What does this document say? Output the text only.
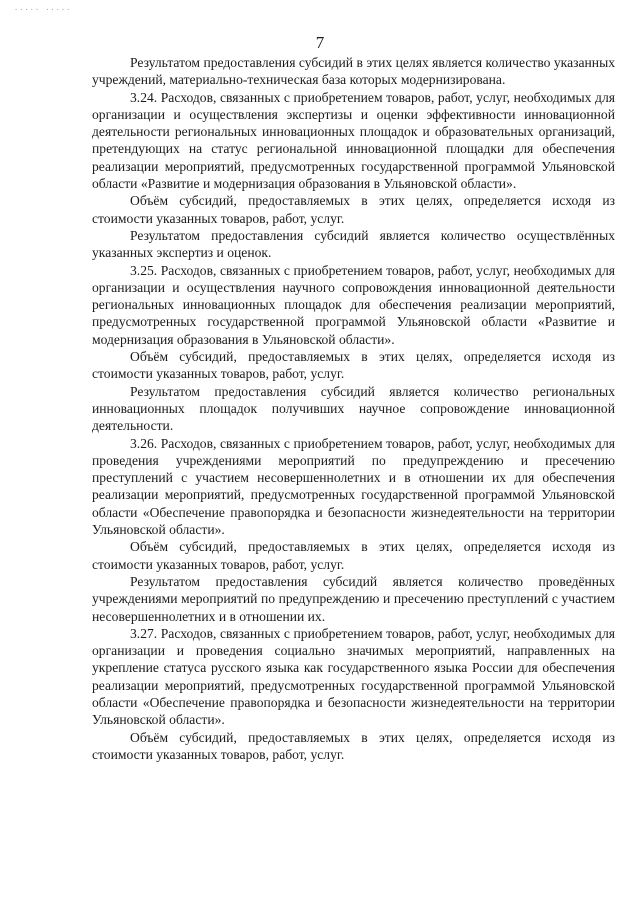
····· ·····
7

Результатом предоставления субсидий в этих целях является количество указанных учреждений, материально-техническая база которых модернизирована.

3.24. Расходов, связанных с приобретением товаров, работ, услуг, необходимых для организации и осуществления экспертизы и оценки эффективности инновационной деятельности региональных инновационных площадок и образовательных организаций, претендующих на статус региональной инновационной площадки для обеспечения реализации мероприятий, предусмотренных государственной программой Ульяновской области «Развитие и модернизация образования в Ульяновской области».

Объём субсидий, предоставляемых в этих целях, определяется исходя из стоимости указанных товаров, работ, услуг.

Результатом предоставления субсидий является количество осуществлённых указанных экспертиз и оценок.

3.25. Расходов, связанных с приобретением товаров, работ, услуг, необходимых для организации и осуществления научного сопровождения инновационной деятельности региональных инновационных площадок для обеспечения реализации мероприятий, предусмотренных государственной программой Ульяновской области «Развитие и модернизация образования в Ульяновской области».

Объём субсидий, предоставляемых в этих целях, определяется исходя из стоимости указанных товаров, работ, услуг.

Результатом предоставления субсидий является количество региональных инновационных площадок получивших научное сопровождение инновационной деятельности.

3.26. Расходов, связанных с приобретением товаров, работ, услуг, необходимых для проведения учреждениями мероприятий по предупреждению и пресечению преступлений с участием несовершеннолетних и в отношении их для обеспечения реализации мероприятий, предусмотренных государственной программой Ульяновской области «Обеспечение правопорядка и безопасности жизнедеятельности на территории Ульяновской области».

Объём субсидий, предоставляемых в этих целях, определяется исходя из стоимости указанных товаров, работ, услуг.

Результатом предоставления субсидий является количество проведённых учреждениями мероприятий по предупреждению и пресечению преступлений с участием несовершеннолетних и в отношении их.

3.27. Расходов, связанных с приобретением товаров, работ, услуг, необходимых для организации и проведения социально значимых мероприятий, направленных на укрепление статуса русского языка как государственного языка России для обеспечения реализации мероприятий, предусмотренных государственной программой Ульяновской области «Обеспечение правопорядка и безопасности жизнедеятельности на территории Ульяновской области».

Объём субсидий, предоставляемых в этих целях, определяется исходя из стоимости указанных товаров, работ, услуг.
